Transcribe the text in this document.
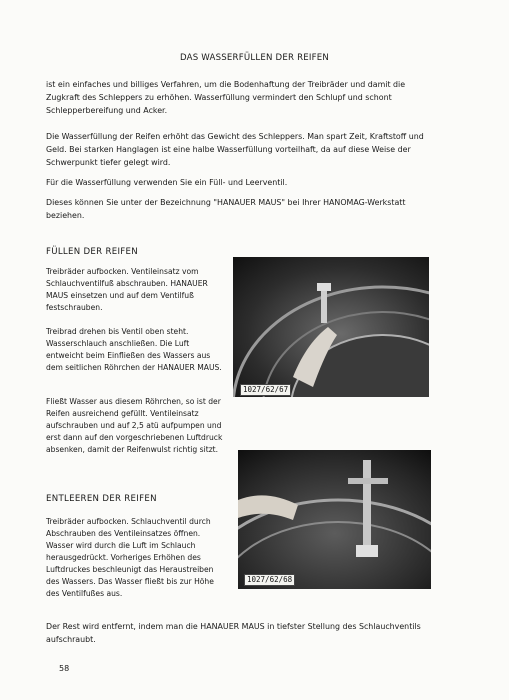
DAS WASSERFÜLLEN DER REIFEN

ist ein einfaches und billiges Verfahren, um die Bodenhaftung der Treibräder und damit die Zugkraft des Schleppers zu erhöhen. Wasserfüllung vermindert den Schlupf und schont Schlepperbereifung und Acker.

Die Wasserfüllung der Reifen erhöht das Gewicht des Schleppers. Man spart Zeit, Kraftstoff und Geld. Bei starken Hanglagen ist eine halbe Wasserfüllung vorteilhaft, da auf diese Weise der Schwerpunkt tiefer gelegt wird.

Für die Wasserfüllung verwenden Sie ein Füll- und Leerventil.

Dieses können Sie unter der Bezeichnung "HANAUER MAUS" bei Ihrer HANOMAG-Werkstatt beziehen.

FÜLLEN DER REIFEN

Treibräder aufbocken. Ventileinsatz vom Schlauchventilfuß abschrauben. HANAUER MAUS einsetzen und auf dem Ventilfuß festschrauben.

Treibrad drehen bis Ventil oben steht. Wasserschlauch anschließen. Die Luft entweicht beim Einfließen des Wassers aus dem seitlichen Röhrchen der HANAUER MAUS.

Fließt Wasser aus diesem Röhrchen, so ist der Reifen ausreichend gefüllt. Ventileinsatz aufschrauben und auf 2,5 atü aufpumpen und erst dann auf den vorgeschriebenen Luftdruck absenken, damit der Reifenwulst richtig sitzt.

1027/62/67
ENTLEEREN DER REIFEN

Treibräder aufbocken. Schlauchventil durch Abschrauben des Ventileinsatzes öffnen. Wasser wird durch die Luft im Schlauch herausgedrückt. Vorheriges Erhöhen des Luftdruckes beschleunigt das Heraustreiben des Wassers. Das Wasser fließt bis zur Höhe des Ventilfußes aus.

1027/62/68

Der Rest wird entfernt, indem man die HANAUER MAUS in tiefster Stellung des Schlauchventils aufschraubt.

58
